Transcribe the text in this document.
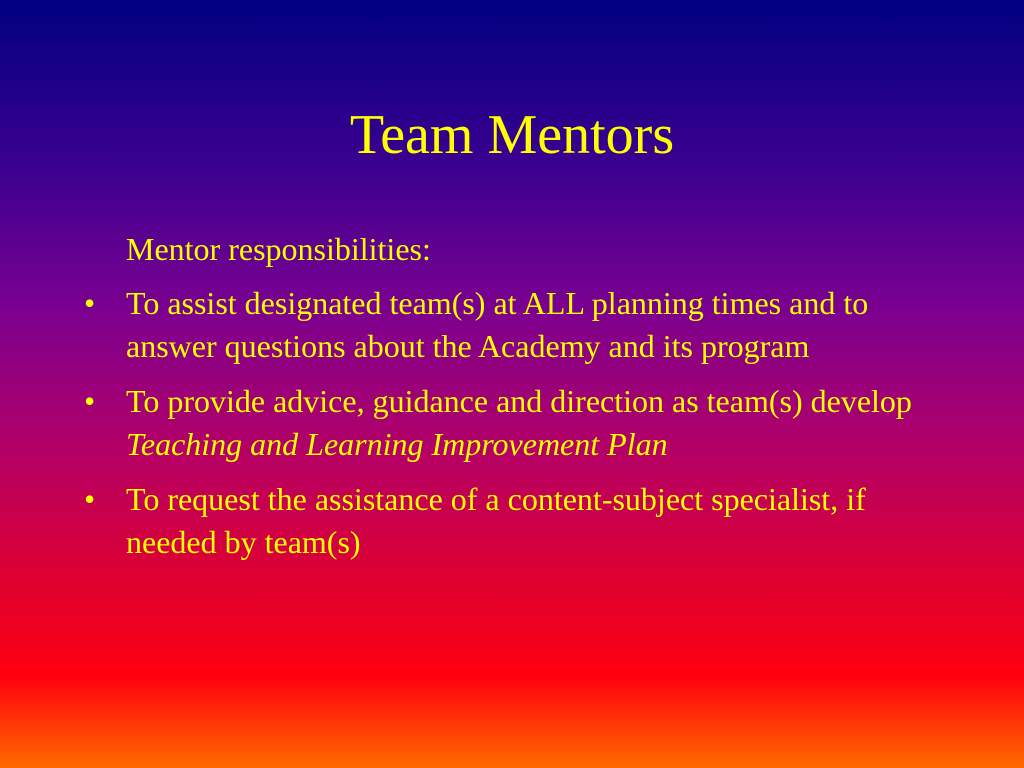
Team Mentors

Mentor responsibilities:

• To assist designated team(s) at ALL planning times and to answer questions about the Academy and its program
• To provide advice, guidance and direction as team(s) develop Teaching and Learning Improvement Plan
• To request the assistance of a content-subject specialist, if needed by team(s)
